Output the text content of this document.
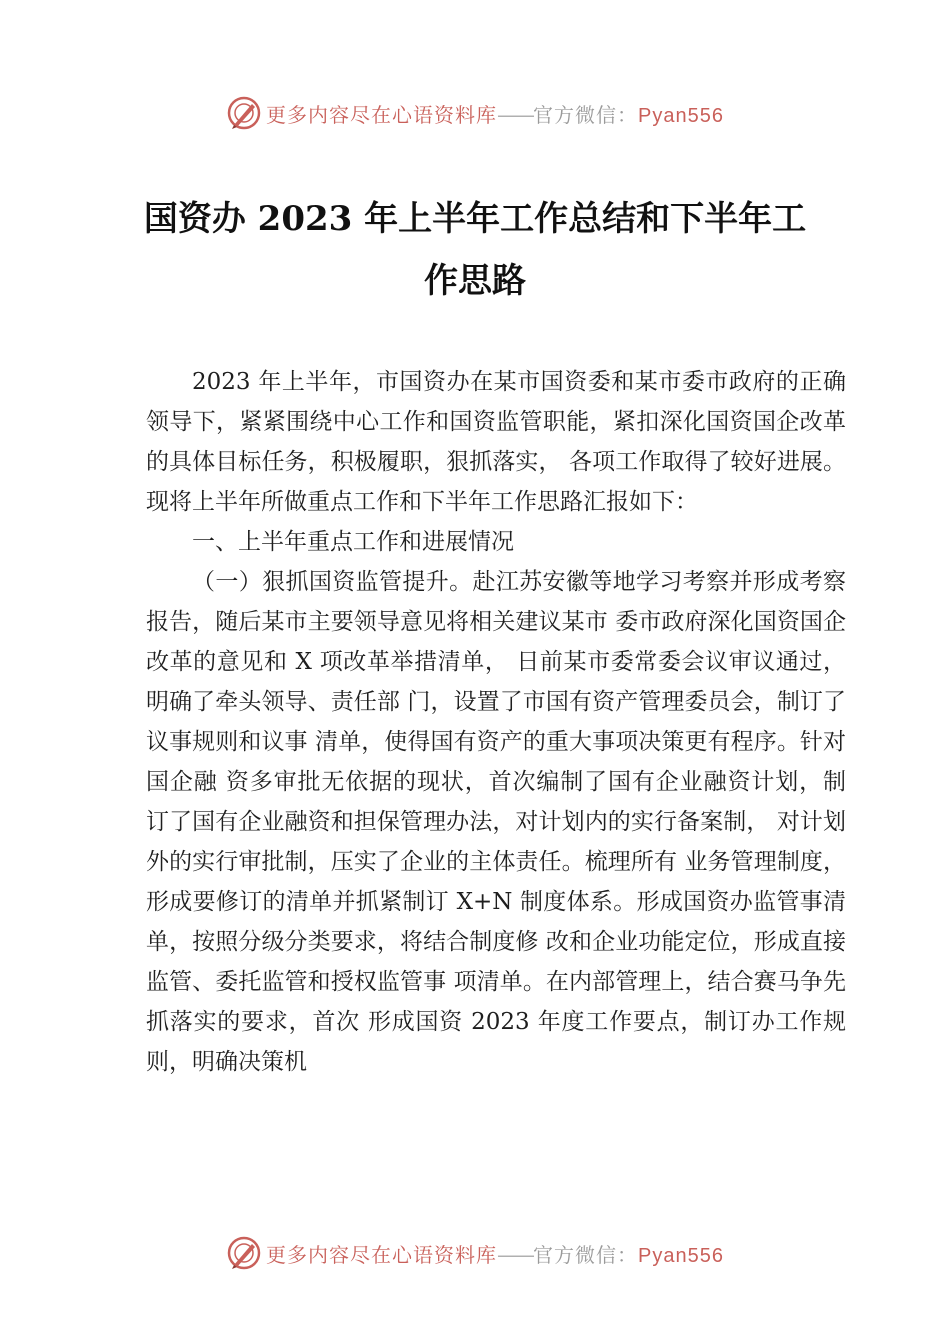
更多内容尽在心语资料库——官方微信：Pyan556
国资办 2023 年上半年工作总结和下半年工
作思路

2023 年上半年，市国资办在某市国资委和某市委市政府的正确领导下，紧紧围绕中心工作和国资监管职能，紧扣深化国资国企改革的具体目标任务，积极履职，狠抓落实， 各项工作取得了较好进展。现将上半年所做重点工作和下半年工作思路汇报如下：

一、上半年重点工作和进展情况

（一）狠抓国资监管提升。赴江苏安徽等地学习考察并形成考察报告，随后某市主要领导意见将相关建议某市 委市政府深化国资国企改革的意见和 X 项改革举措清单， 日前某市委常委会议审议通过，明确了牵头领导、责任部 门，设置了市国有资产管理委员会，制订了议事规则和议事 清单，使得国有资产的重大事项决策更有程序。针对国企融 资多审批无依据的现状，首次编制了国有企业融资计划，制 订了国有企业融资和担保管理办法，对计划内的实行备案制， 对计划外的实行审批制，压实了企业的主体责任。梳理所有 业务管理制度，形成要修订的清单并抓紧制订 X+N 制度体系。形成国资办监管事清单，按照分级分类要求，将结合制度修 改和企业功能定位，形成直接监管、委托监管和授权监管事 项清单。在内部管理上，结合赛马争先抓落实的要求，首次 形成国资 2023 年度工作要点，制订办工作规则，明确决策机

更多内容尽在心语资料库——官方微信：Pyan556
